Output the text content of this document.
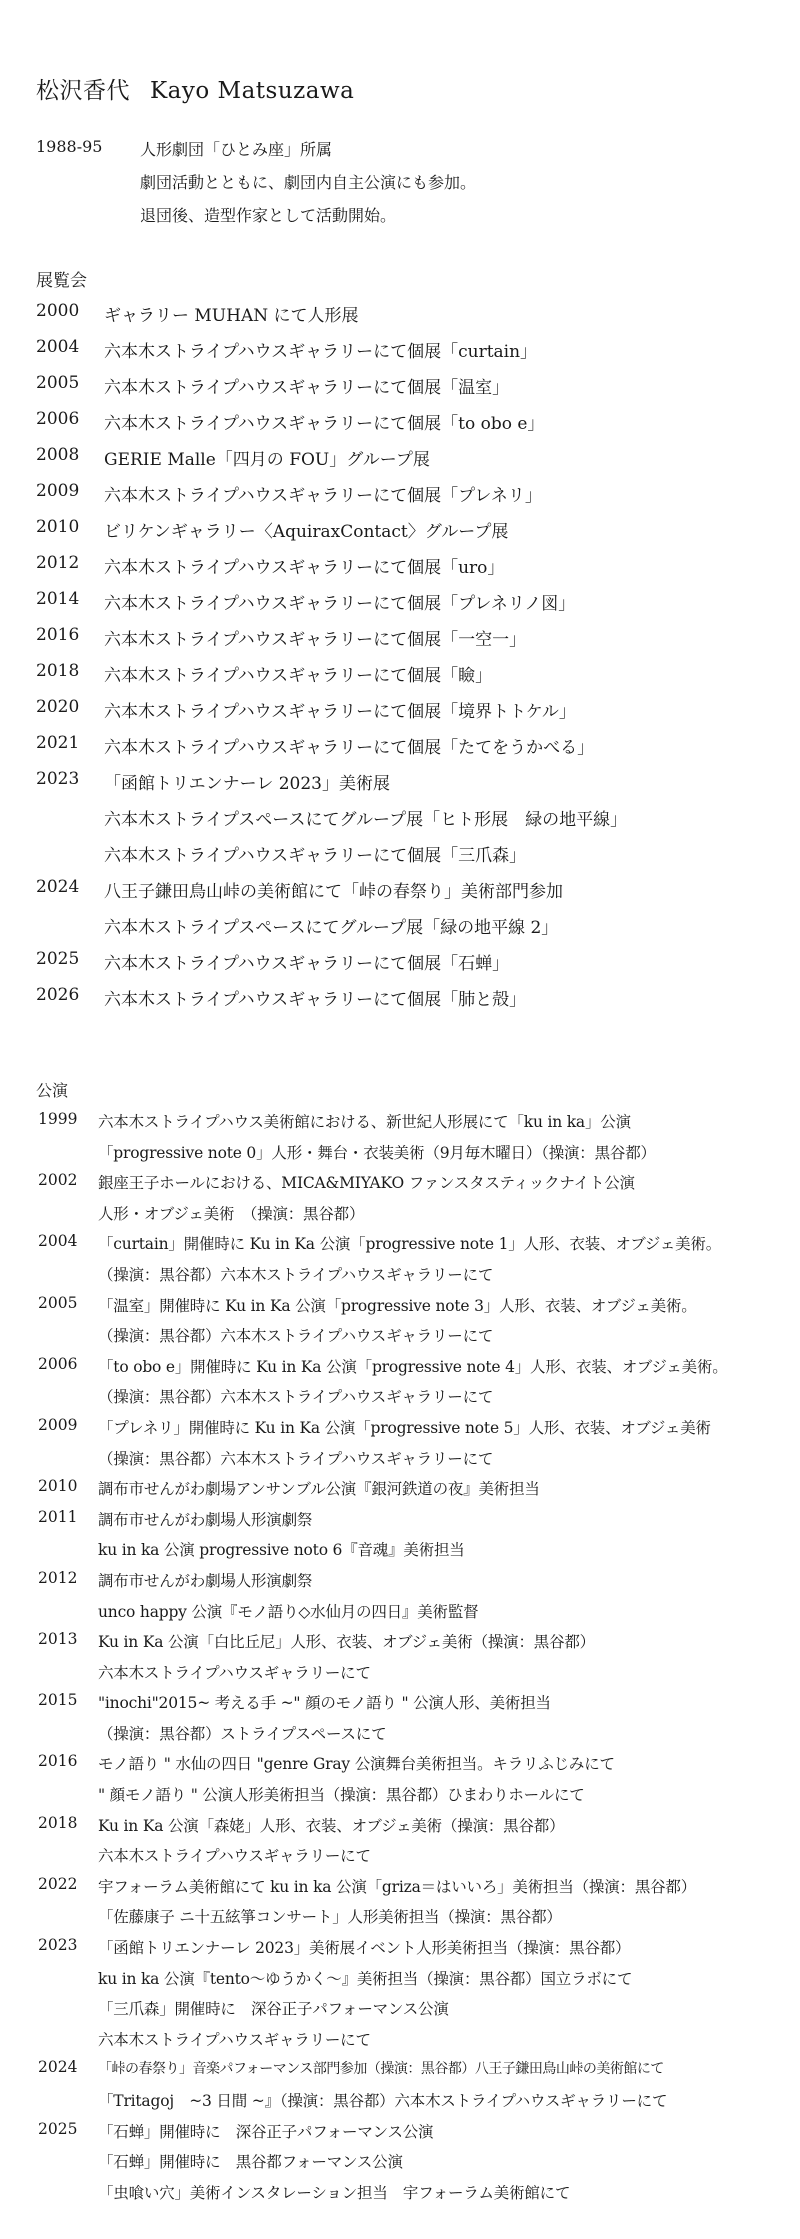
松沢香代 Kayo Matsuzawa
1988-95 人形劇団「ひとみ座」所属
劇団活動とともに、劇団内自主公演にも参加。
退団後、造型作家として活動開始。
展覧会
2000 ギャラリー MUHAN にて人形展
2004 六本木ストライプハウスギャラリーにて個展「curtain」
2005 六本木ストライプハウスギャラリーにて個展「温室」
2006 六本木ストライプハウスギャラリーにて個展「to obo e」
2008 GERIE Malle「四月の FOU」グループ展
2009 六本木ストライプハウスギャラリーにて個展「プレネリ」
2010 ビリケンギャラリー〈AquiraxContact〉グループ展
2012 六本木ストライプハウスギャラリーにて個展「uro」
2014 六本木ストライプハウスギャラリーにて個展「プレネリノ図」
2016 六本木ストライプハウスギャラリーにて個展「一空一」
2018 六本木ストライプハウスギャラリーにて個展「瞼」
2020 六本木ストライプハウスギャラリーにて個展「境界トトケル」
2021 六本木ストライプハウスギャラリーにて個展「たてをうかべる」
2023 「函館トリエンナーレ 2023」美術展
六本木ストライプスペースにてグループ展「ヒト形展　緑の地平線」
六本木ストライプハウスギャラリーにて個展「三爪森」
2024 八王子鎌田鳥山峠の美術館にて「峠の春祭り」美術部門参加
六本木ストライプスペースにてグループ展「緑の地平線 2」
2025 六本木ストライプハウスギャラリーにて個展「石蝉」
2026 六本木ストライプハウスギャラリーにて個展「肺と殻」
公演
1999 六本木ストライプハウス美術館における、新世紀人形展にて「ku in ka」公演
「progressive note 0」人形・舞台・衣装美術（9月毎木曜日）（操演：黒谷都）
2002 銀座王子ホールにおける、MICA&MIYAKO ファンスタスティックナイト公演
人形・オブジェ美術　（操演：黒谷都）
2004 「curtain」開催時に Ku in Ka 公演「progressive note 1」人形、衣装、オブジェ美術。
（操演：黒谷都）六本木ストライプハウスギャラリーにて
2005 「温室」開催時に Ku in Ka 公演「progressive note 3」人形、衣装、オブジェ美術。
（操演：黒谷都）六本木ストライプハウスギャラリーにて
2006 「to obo e」開催時に Ku in Ka 公演「progressive note 4」人形、衣装、オブジェ美術。
（操演：黒谷都）六本木ストライプハウスギャラリーにて
2009 「プレネリ」開催時に Ku in Ka 公演「progressive note 5」人形、衣装、オブジェ美術
（操演：黒谷都）六本木ストライプハウスギャラリーにて
2010 調布市せんがわ劇場アンサンブル公演『銀河鉄道の夜』美術担当
2011 調布市せんがわ劇場人形演劇祭
ku in ka 公演 progressive noto 6『音魂』美術担当
2012 調布市せんがわ劇場人形演劇祭
unco happy 公演『モノ語り◇水仙月の四日』美術監督
2013 Ku in Ka 公演「白比丘尼」人形、衣装、オブジェ美術（操演：黒谷都）
六本木ストライプハウスギャラリーにて
2015 "inochi"2015~ 考える手 ~" 顔のモノ語り " 公演人形、美術担当
（操演：黒谷都）ストライプスペースにて
2016 モノ語り " 水仙の四日 "genre Gray 公演舞台美術担当。キラリふじみにて
" 顔モノ語り " 公演人形美術担当（操演：黒谷都）ひまわりホールにて
2018 Ku in Ka 公演「森姥」人形、衣装、オブジェ美術（操演：黒谷都）
六本木ストライプハウスギャラリーにて
2022 宇フォーラム美術館にて ku in ka 公演「griza＝はいいろ」美術担当（操演：黒谷都）
「佐藤康子 ニ十五絃箏コンサート」人形美術担当（操演：黒谷都）
2023 「函館トリエンナーレ 2023」美術展イベント人形美術担当（操演：黒谷都）
ku in ka 公演『tento～ゆうかく～』美術担当（操演：黒谷都）国立ラボにて
「三爪森」開催時に　深谷正子パフォーマンス公演
六本木ストライプハウスギャラリーにて
2024 「峠の春祭り」音楽パフォーマンス部門参加（操演：黒谷都）八王子鎌田鳥山峠の美術館にて
「Tritagoj　~3 日間 ~』（操演：黒谷都）六本木ストライプハウスギャラリーにて
2025 「石蝉」開催時に　深谷正子パフォーマンス公演
「石蝉」開催時に　黒谷都フォーマンス公演
「虫喰い穴」美術インスタレーション担当　宇フォーラム美術館にて
